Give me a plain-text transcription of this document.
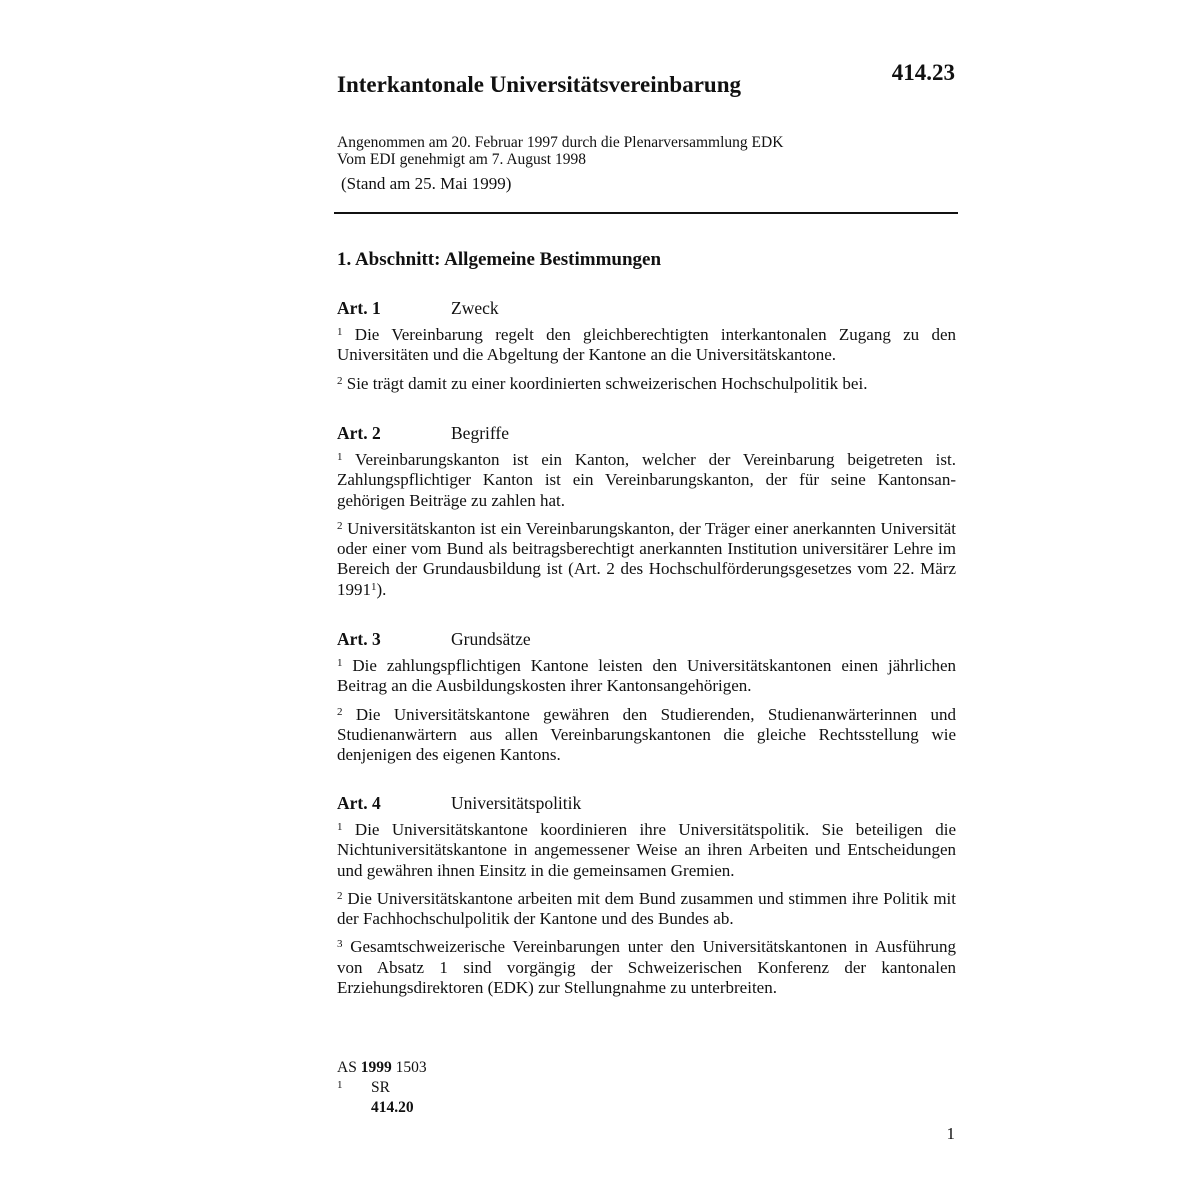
414.23
Interkantonale Universitätsvereinbarung
Angenommen am 20. Februar 1997 durch die Plenarversammlung EDK
Vom EDI genehmigt am 7. August 1998
(Stand am 25. Mai 1999)
1. Abschnitt: Allgemeine Bestimmungen
Art. 1	Zweck

$^1$ Die Vereinbarung regelt den gleichberechtigten interkantonalen Zugang zu den Universitäten und die Abgeltung der Kantone an die Universitätskantone.

$^2$ Sie trägt damit zu einer koordinierten schweizerischen Hochschulpolitik bei.

Art. 2	Begriffe

$^1$ Vereinbarungskanton ist ein Kanton, welcher der Vereinbarung beigetreten ist. Zahlungspflichtiger Kanton ist ein Vereinbarungskanton, der für seine Kantonsangehörigen Beiträge zu zahlen hat.

$^2$ Universitätskanton ist ein Vereinbarungskanton, der Träger einer anerkannten Universität oder einer vom Bund als beitragsberechtigt anerkannten Institution universitärer Lehre im Bereich der Grundausbildung ist (Art. 2 des Hochschulförderungsgesetzes vom 22. März 1991$^1$).

Art. 3	Grundsätze

$^1$ Die zahlungspflichtigen Kantone leisten den Universitätskantonen einen jährlichen Beitrag an die Ausbildungskosten ihrer Kantonsangehörigen.

$^2$ Die Universitätskantone gewähren den Studierenden, Studienanwärterinnen und Studienanwärtern aus allen Vereinbarungskantonen die gleiche Rechtsstellung wie denjenigen des eigenen Kantons.

Art. 4	Universitätspolitik

$^1$ Die Universitätskantone koordinieren ihre Universitätspolitik. Sie beteiligen die Nichtuniversitätskantone in angemessener Weise an ihren Arbeiten und Entscheidungen und gewähren ihnen Einsitz in die gemeinsamen Gremien.

$^2$ Die Universitätskantone arbeiten mit dem Bund zusammen und stimmen ihre Politik mit der Fachhochschulpolitik der Kantone und des Bundes ab.

$^3$ Gesamtschweizerische Vereinbarungen unter den Universitätskantonen in Ausführung von Absatz 1 sind vorgängig der Schweizerischen Konferenz der kantonalen Erziehungsdirektoren (EDK) zur Stellungnahme zu unterbreiten.

AS 1999 1503
1 SR 414.20
1
